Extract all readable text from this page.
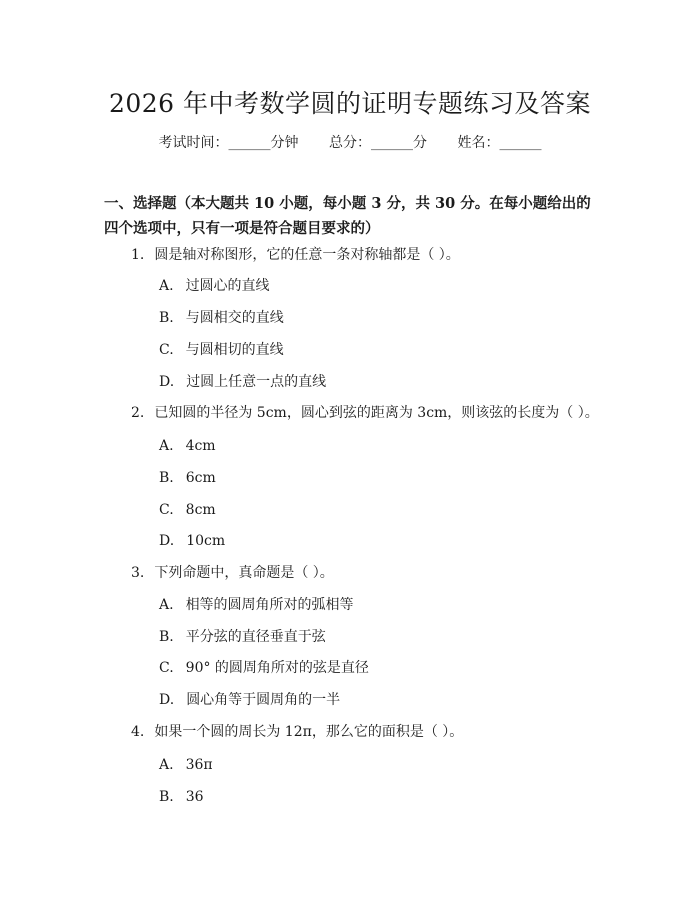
2026 年中考数学圆的证明专题练习及答案
考试时间：______分钟 总分：______分 姓名：______
一、选择题（本大题共 10 小题，每小题 3 分，共 30 分。在每小题给出的四个选项中，只有一项是符合题目要求的）
1. 圆是轴对称图形，它的任意一条对称轴都是（ ）。
A. 过圆心的直线
B. 与圆相交的直线
C. 与圆相切的直线
D. 过圆上任意一点的直线
2. 已知圆的半径为 5cm，圆心到弦的距离为 3cm，则该弦的长度为（ ）。
A. 4cm
B. 6cm
C. 8cm
D. 10cm
3. 下列命题中，真命题是（ ）。
A. 相等的圆周角所对的弧相等
B. 平分弦的直径垂直于弦
C. 90° 的圆周角所对的弦是直径
D. 圆心角等于圆周角的一半
4. 如果一个圆的周长为 12π，那么它的面积是（ ）。
A. 36π
B. 36
